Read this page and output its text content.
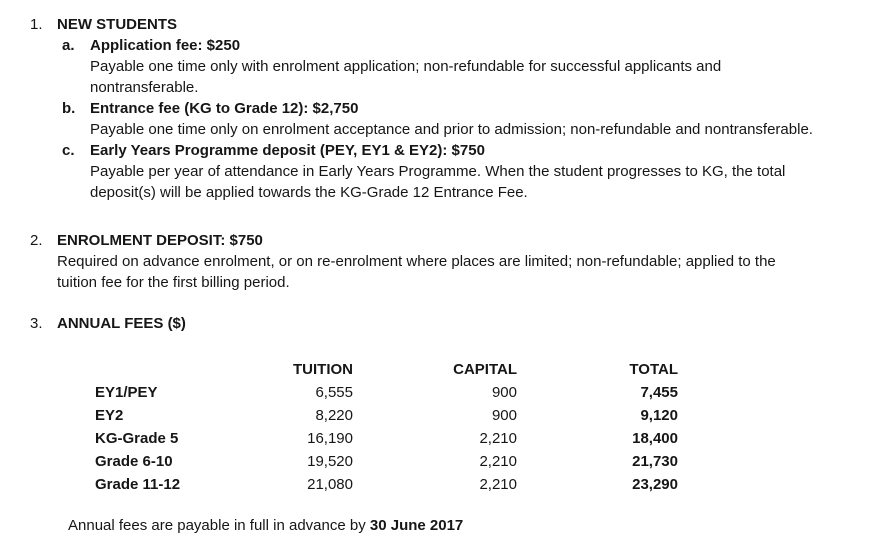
1. NEW STUDENTS
a.	Application fee: $250
Payable one time only with enrolment application; non-refundable for successful applicants and
nontransferable.
b. Entrance fee (KG to Grade 12): $2,750
Payable one time only on enrolment acceptance and prior to admission; non-refundable and nontransferable.
c.	Early Years Programme deposit (PEY, EY1 & EY2): $750
Payable per year of attendance in Early Years Programme. When the student progresses to KG, the total
deposit(s) will be applied towards the KG-Grade 12 Entrance Fee.
2. ENROLMENT DEPOSIT: $750
Required on advance enrolment, or on re-enrolment where places are limited; non-refundable; applied to the
tuition fee for the first billing period.
3. ANNUAL FEES ($)
	TUITION	CAPITAL	TOTAL
EY1/PEY	6,555	900	7,455
EY2	8,220	900	9,120
KG-Grade 5	16,190	2,210	18,400
Grade 6-10	19,520	2,210	21,730
Grade 11-12	21,080	2,210	23,290
Annual fees are payable in full in advance by 30 June 2017
